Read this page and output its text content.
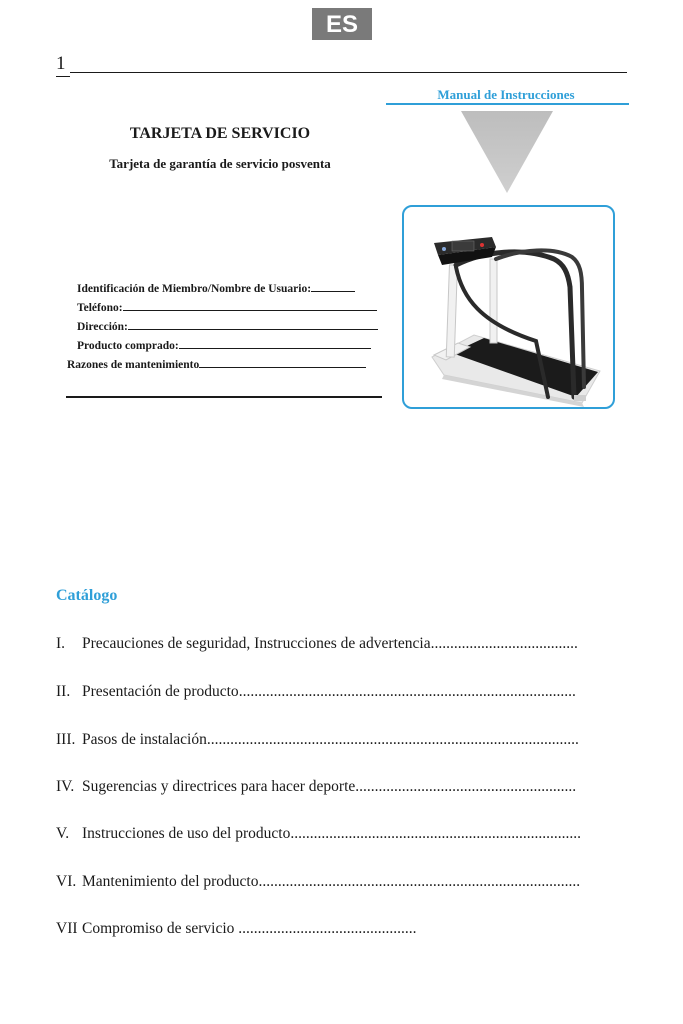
ES
1
Manual de Instrucciones
TARJETA DE SERVICIO
Tarjeta de garantía de servicio posventa
Identificación de Miembro/Nombre de Usuario:
Teléfono:
Dirección:
Producto comprado:
Razones de mantenimiento
Catálogo
I. Precauciones de seguridad, Instrucciones de advertencia......................................
II. Presentación de producto.......................................................................................
III. Pasos de instalación................................................................................................
IV. Sugerencias y directrices para hacer deporte.........................................................
V. Instrucciones de uso del producto...........................................................................
VI. Mantenimiento del producto...................................................................................
VII Compromiso de servicio ..............................................
